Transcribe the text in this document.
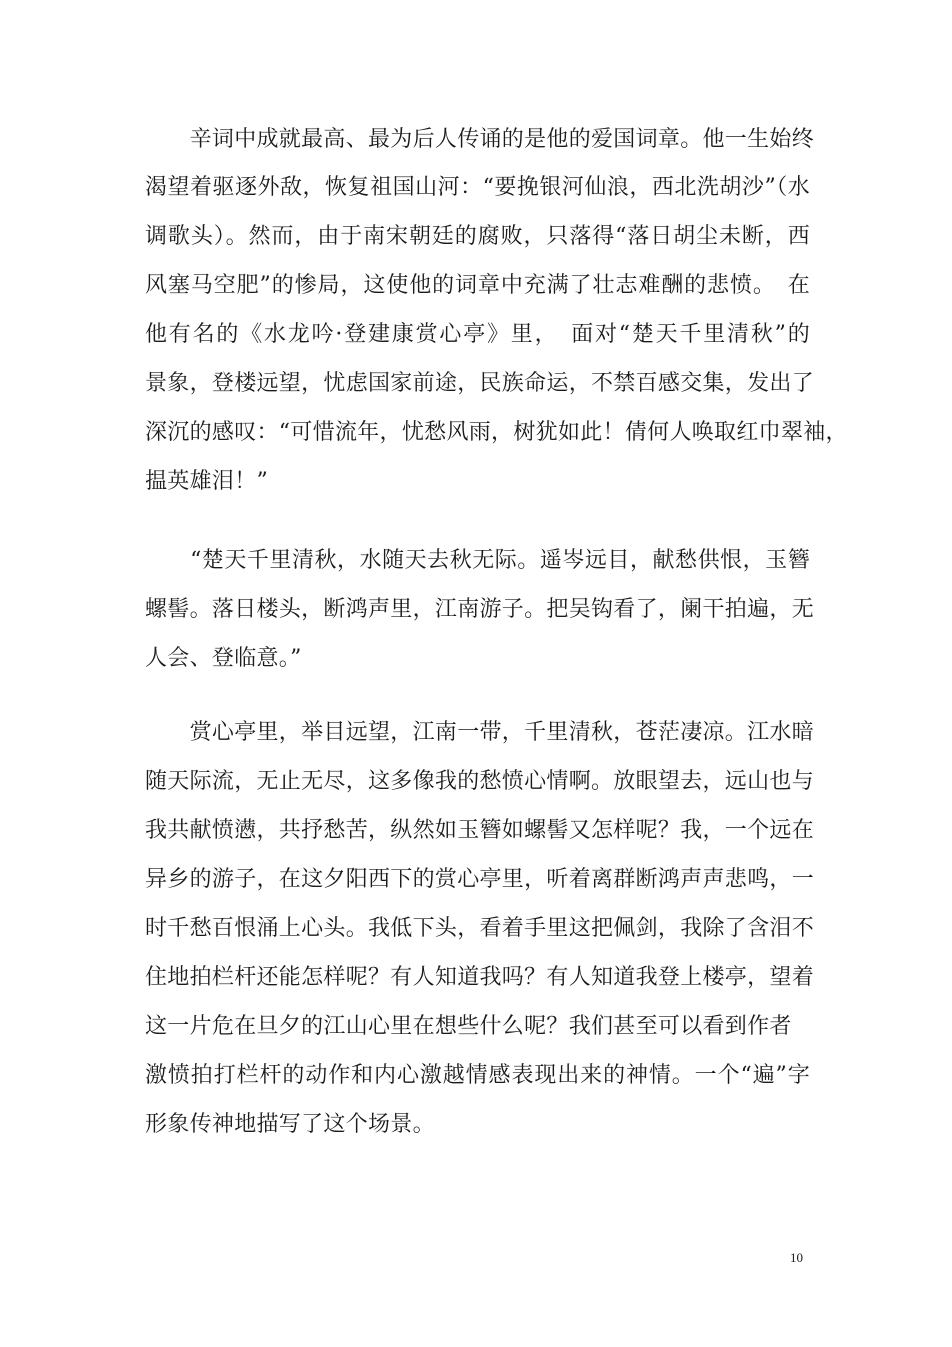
　　辛词中成就最高、最为后人传诵的是他的爱国词章。他一生始终
渴望着驱逐外敌，恢复祖国山河：“要挽银河仙浪，西北洗胡沙”（水
调歌头）。然而，由于南宋朝廷的腐败，只落得“落日胡尘未断，西
风塞马空肥”的惨局，这使他的词章中充满了壮志难酬的悲愤。　在
他有名的《水龙吟·登建康赏心亭》里，　面对“楚天千里清秋”的
景象，登楼远望，忧虑国家前途，民族命运，不禁百感交集，发出了
深沉的感叹：“可惜流年，忧愁风雨，树犹如此！倩何人唤取红巾翠袖，
揾英雄泪！”
　　“楚天千里清秋，水随天去秋无际。遥岑远目，献愁供恨，玉簪
螺髻。落日楼头，断鸿声里，江南游子。把吴钩看了，阑干拍遍，无
人会、登临意。”
　　赏心亭里，举目远望，江南一带，千里清秋，苍茫凄凉。江水暗
随天际流，无止无尽，这多像我的愁愤心情啊。放眼望去，远山也与
我共献愤懑，共抒愁苦，纵然如玉簪如螺髻又怎样呢？我，一个远在
异乡的游子，在这夕阳西下的赏心亭里，听着离群断鸿声声悲鸣，一
时千愁百恨涌上心头。我低下头，看着手里这把佩剑，我除了含泪不
住地拍栏杆还能怎样呢？有人知道我吗？有人知道我登上楼亭，望着
这一片危在旦夕的江山心里在想些什么呢？我们甚至可以看到作者
激愤拍打栏杆的动作和内心激越情感表现出来的神情。一个“遍”字
形象传神地描写了这个场景。
10
